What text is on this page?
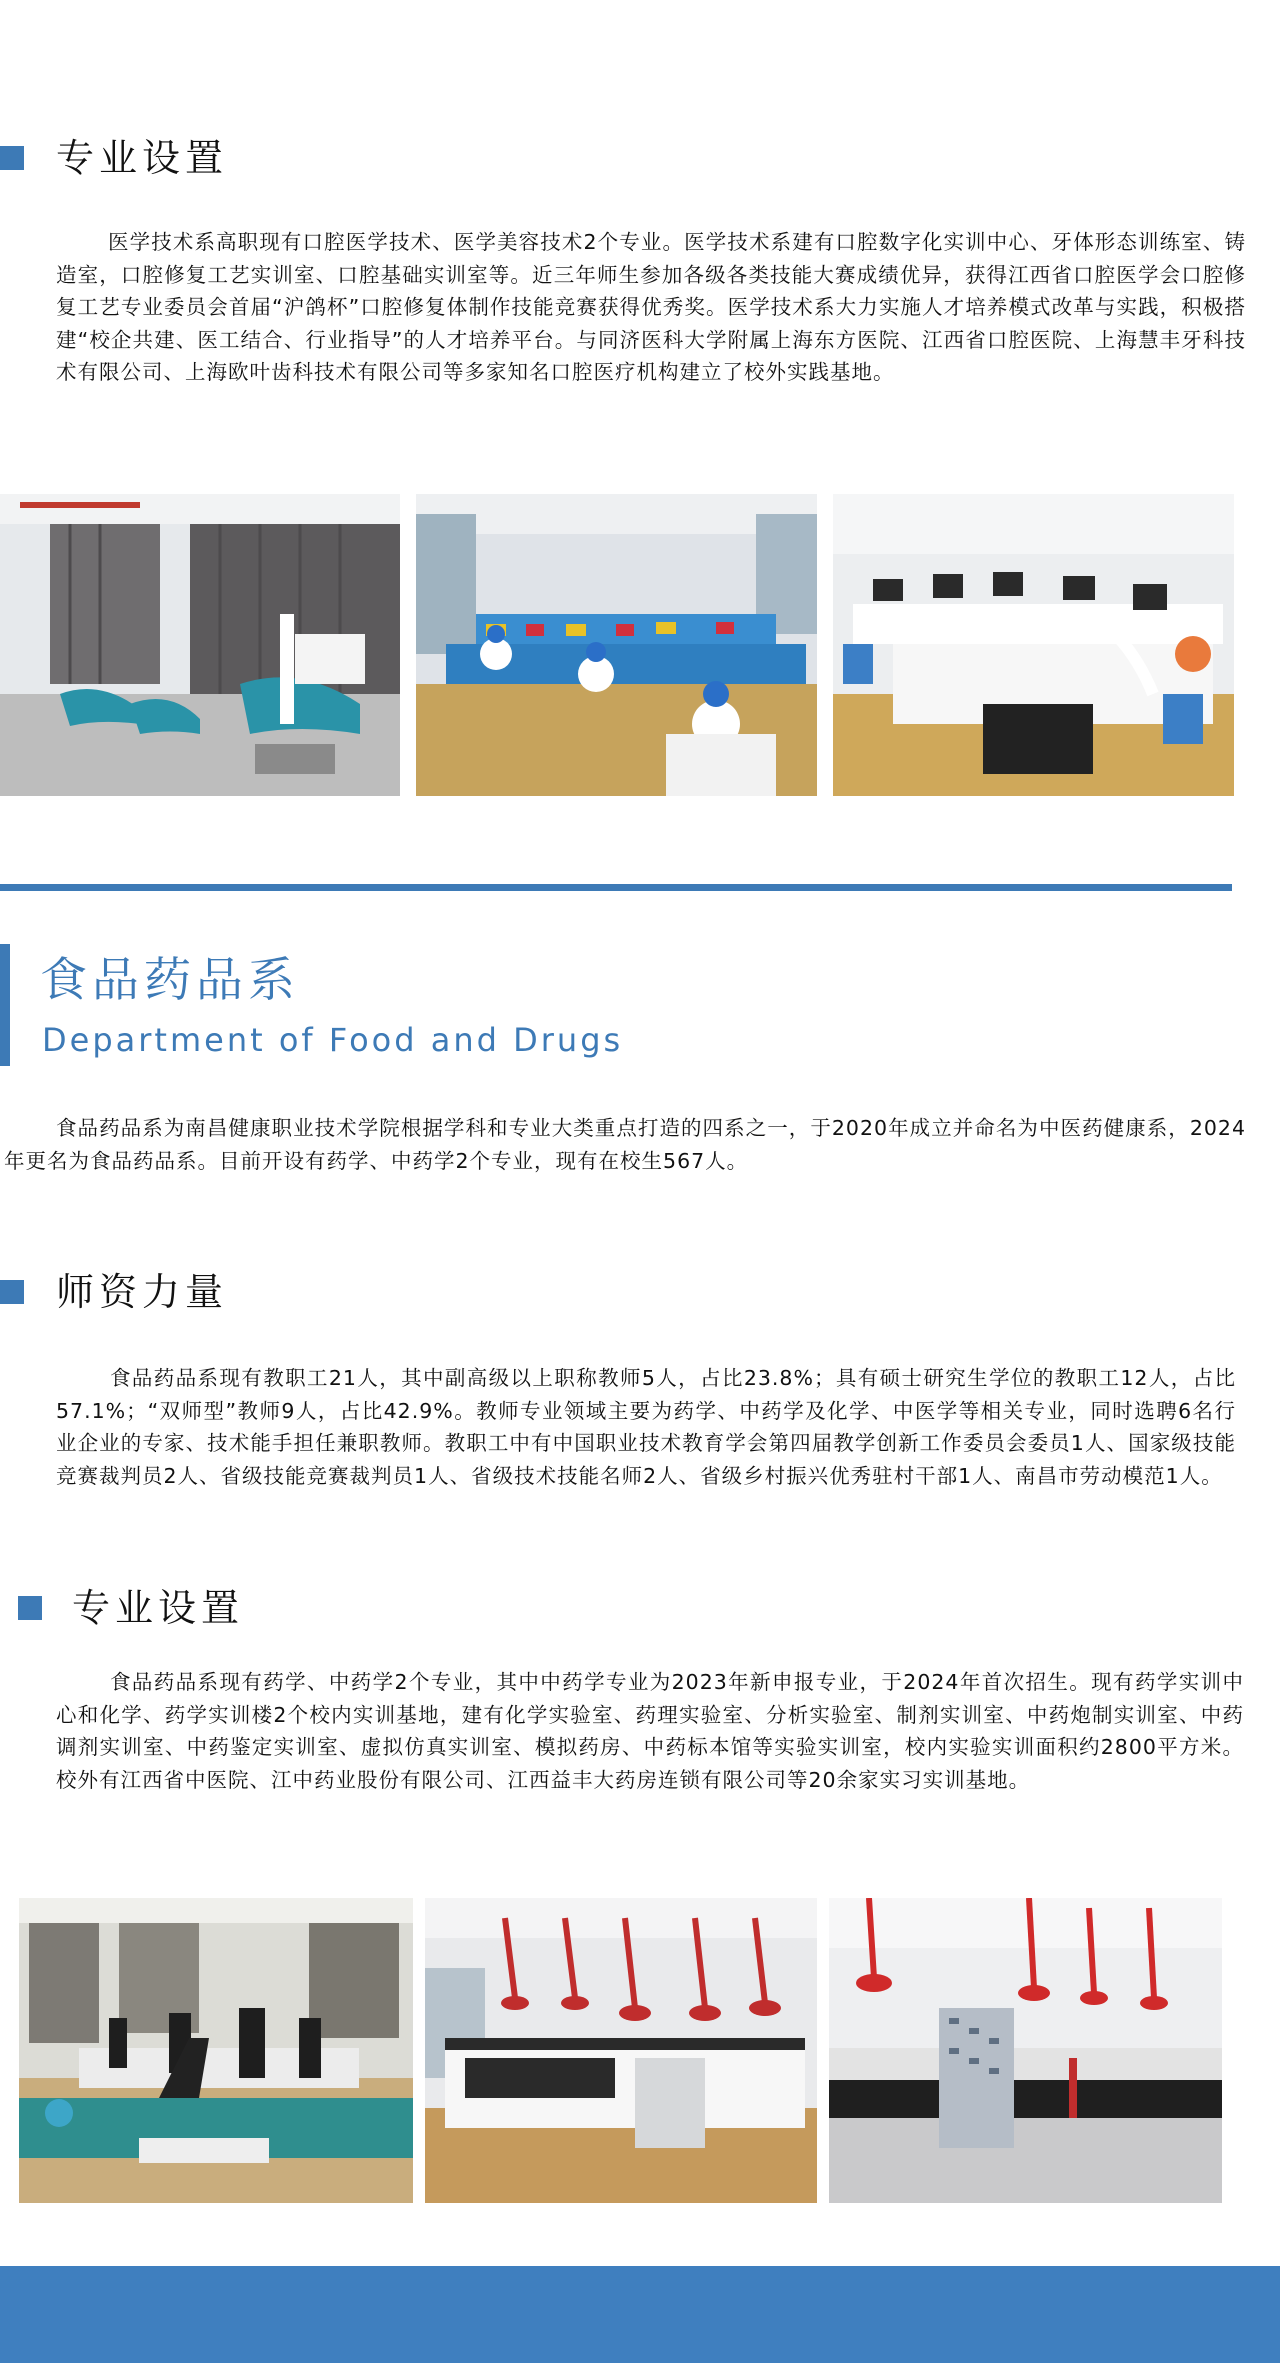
专业设置

医学技术系高职现有口腔医学技术、医学美容技术2个专业。医学技术系建有口腔数字化实训中心、牙体形态训练室、铸造室，口腔修复工艺实训室、口腔基础实训室等。近三年师生参加各级各类技能大赛成绩优异，获得江西省口腔医学会口腔修复工艺专业委员会首届“沪鸽杯”口腔修复体制作技能竞赛获得优秀奖。医学技术系大力实施人才培养模式改革与实践，积极搭建“校企共建、医工结合、行业指导”的人才培养平台。与同济医科大学附属上海东方医院、江西省口腔医院、上海慧丰牙科技术有限公司、上海欧叶齿科技术有限公司等多家知名口腔医疗机构建立了校外实践基地。

食品药品系
Department of Food and Drugs

食品药品系为南昌健康职业技术学院根据学科和专业大类重点打造的四系之一，于2020年成立并命名为中医药健康系，2024年更名为食品药品系。目前开设有药学、中药学2个专业，现有在校生567人。

师资力量

食品药品系现有教职工21人，其中副高级以上职称教师5人，占比23.8%；具有硕士研究生学位的教职工12人，占比57.1%；“双师型”教师9人，占比42.9%。教师专业领域主要为药学、中药学及化学、中医学等相关专业，同时选聘6名行业企业的专家、技术能手担任兼职教师。教职工中有中国职业技术教育学会第四届教学创新工作委员会委员1人、国家级技能竞赛裁判员2人、省级技能竞赛裁判员1人、省级技术技能名师2人、省级乡村振兴优秀驻村干部1人、南昌市劳动模范1人。

专业设置

食品药品系现有药学、中药学2个专业，其中中药学专业为2023年新申报专业，于2024年首次招生。现有药学实训中心和化学、药学实训楼2个校内实训基地，建有化学实验室、药理实验室、分析实验室、制剂实训室、中药炮制实训室、中药调剂实训室、中药鉴定实训室、虚拟仿真实训室、模拟药房、中药标本馆等实验实训室，校内实验实训面积约2800平方米。校外有江西省中医院、江中药业股份有限公司、江西益丰大药房连锁有限公司等20余家实习实训基地。
